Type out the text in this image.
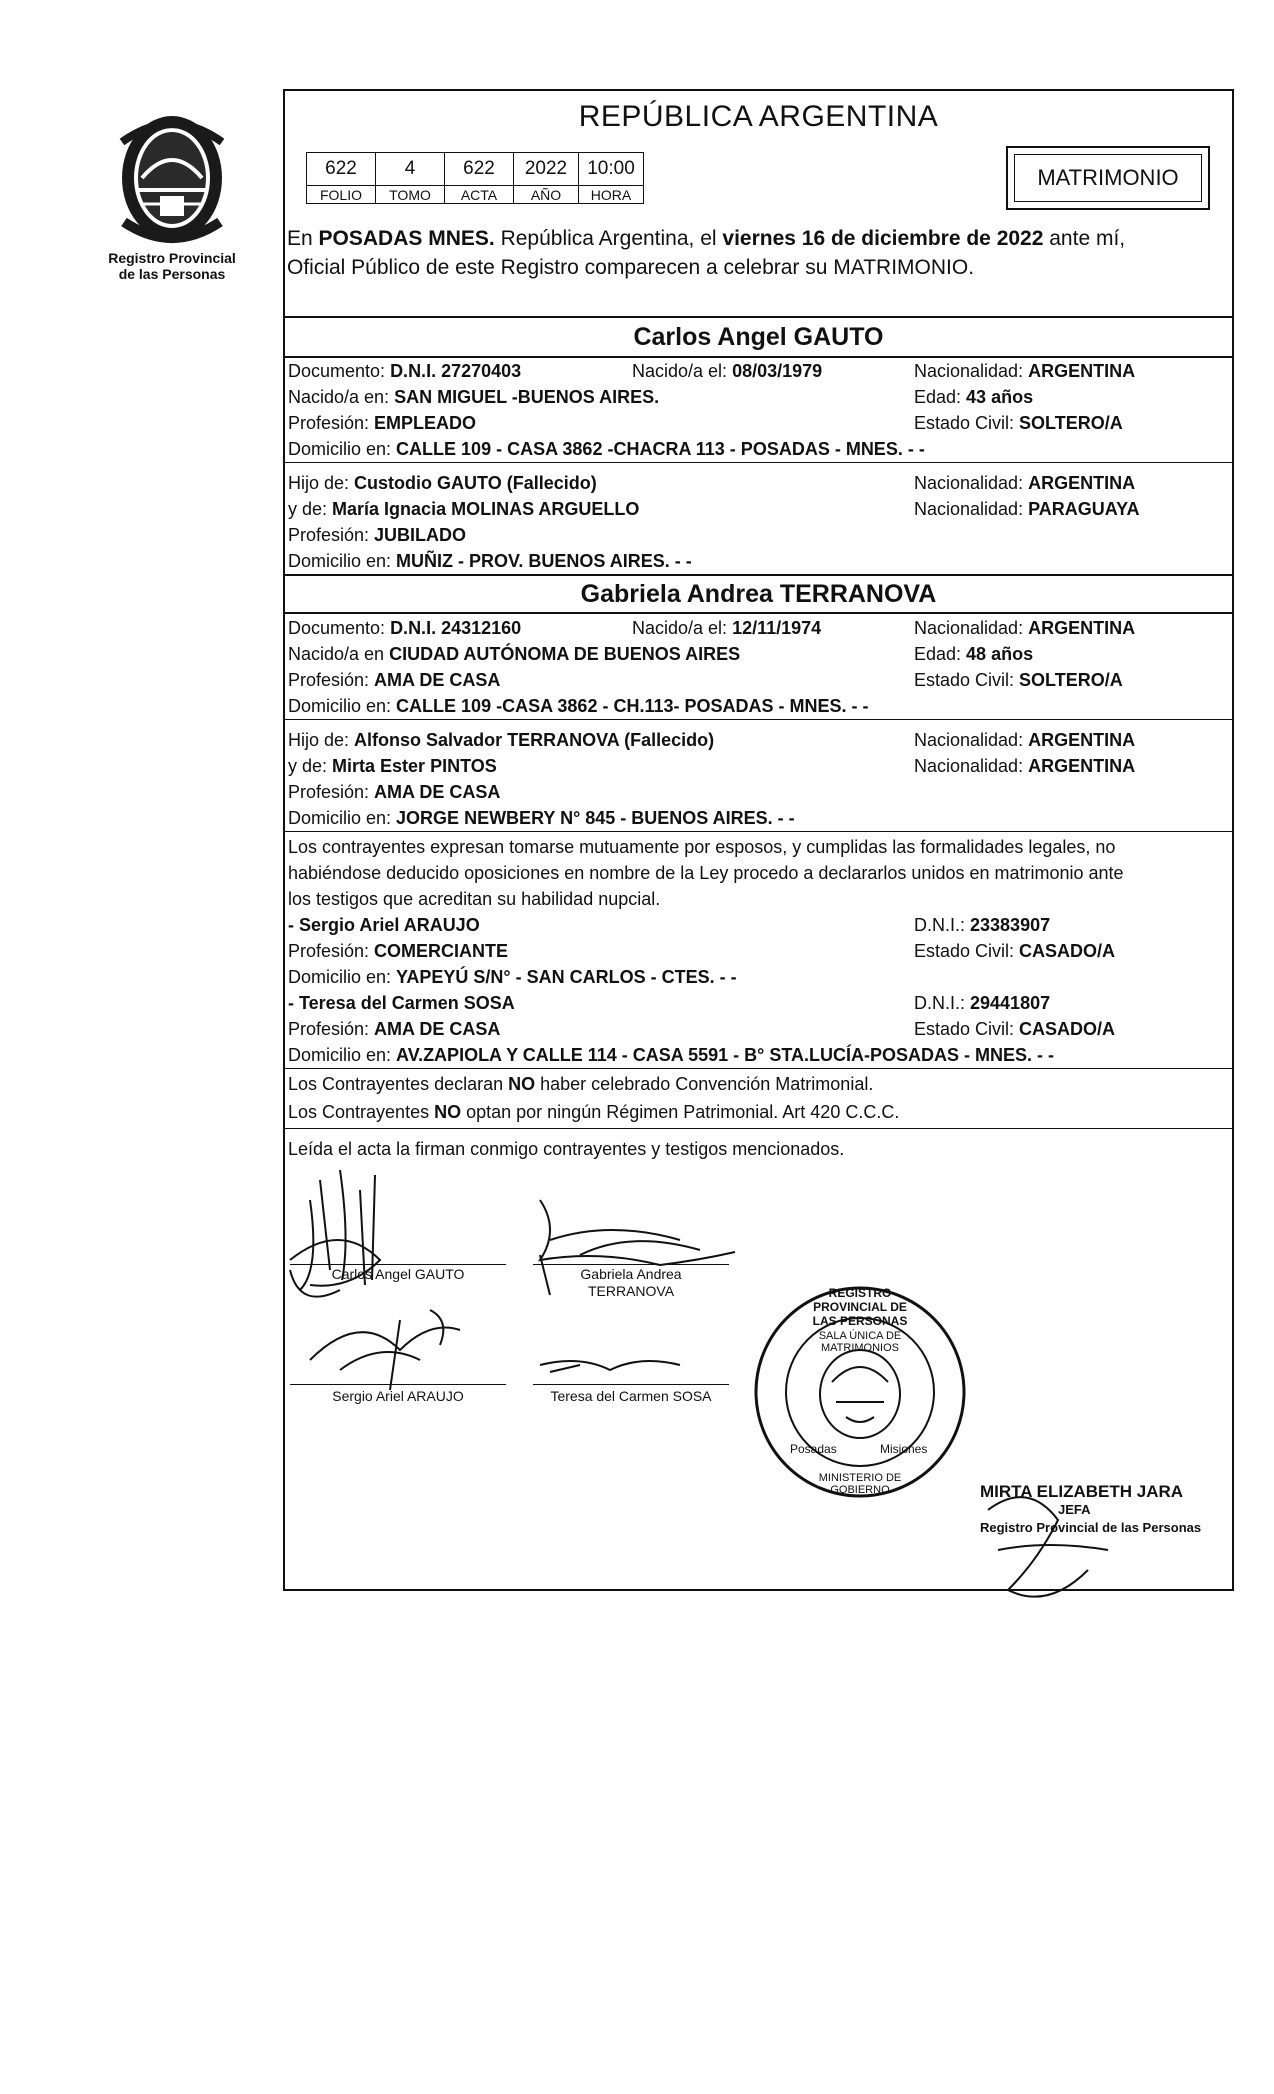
Registro Provincial
de las Personas
REPÚBLICA ARGENTINA
622	4	622	2022	10:00
FOLIO	TOMO	ACTA	AÑO	HORA
MATRIMONIO
En POSADAS MNES. República Argentina, el viernes 16 de diciembre de 2022 ante mí,
Oficial Público de este Registro comparecen a celebrar su MATRIMONIO.
Carlos Angel GAUTO
Documento: D.N.I. 27270403	Nacido/a el: 08/03/1979	Nacionalidad: ARGENTINA
Nacido/a en: SAN MIGUEL -BUENOS AIRES.	Edad: 43 años
Profesión: EMPLEADO	Estado Civil: SOLTERO/A
Domicilio en: CALLE 109 - CASA 3862 -CHACRA 113 - POSADAS - MNES. - -
Hijo de: Custodio GAUTO (Fallecido)	Nacionalidad: ARGENTINA
y de: María Ignacia MOLINAS ARGUELLO	Nacionalidad: PARAGUAYA
Profesión: JUBILADO
Domicilio en: MUÑIZ - PROV. BUENOS AIRES. - -
Gabriela Andrea TERRANOVA
Documento: D.N.I. 24312160	Nacido/a el: 12/11/1974	Nacionalidad: ARGENTINA
Nacido/a en CIUDAD AUTÓNOMA DE BUENOS AIRES	Edad: 48 años
Profesión: AMA DE CASA	Estado Civil: SOLTERO/A
Domicilio en: CALLE 109 -CASA 3862 - CH.113- POSADAS - MNES. - -
Hijo de: Alfonso Salvador TERRANOVA (Fallecido)	Nacionalidad: ARGENTINA
y de: Mirta Ester PINTOS	Nacionalidad: ARGENTINA
Profesión: AMA DE CASA
Domicilio en: JORGE NEWBERY N° 845 - BUENOS AIRES. - -
Los contrayentes expresan tomarse mutuamente por esposos, y cumplidas las formalidades legales, no
habiéndose deducido oposiciones en nombre de la Ley procedo a declararlos unidos en matrimonio ante
los testigos que acreditan su habilidad nupcial.
- Sergio Ariel ARAUJO	D.N.I.: 23383907
Profesión: COMERCIANTE	Estado Civil: CASADO/A
Domicilio en: YAPEYÚ S/N° - SAN CARLOS - CTES. - -
- Teresa del Carmen SOSA	D.N.I.: 29441807
Profesión: AMA DE CASA	Estado Civil: CASADO/A
Domicilio en: AV.ZAPIOLA Y CALLE 114 - CASA 5591 - B° STA.LUCÍA-POSADAS - MNES. - -
Los Contrayentes declaran NO haber celebrado Convención Matrimonial.
Los Contrayentes NO optan por ningún Régimen Patrimonial. Art 420 C.C.C.
Leída el acta la firman conmigo contrayentes y testigos mencionados.
Carlos Angel GAUTO	Gabriela Andrea
TERRANOVA
Sergio Ariel ARAUJO	Teresa del Carmen SOSA
REGISTRO PROVINCIAL DE LAS PERSONAS
SALA ÚNICA DE MATRIMONIOS
Posadas	Misiones
MINISTERIO DE GOBIERNO	MIRTA ELIZABETH JARA
JEFA
Registro Provincial de las Personas
